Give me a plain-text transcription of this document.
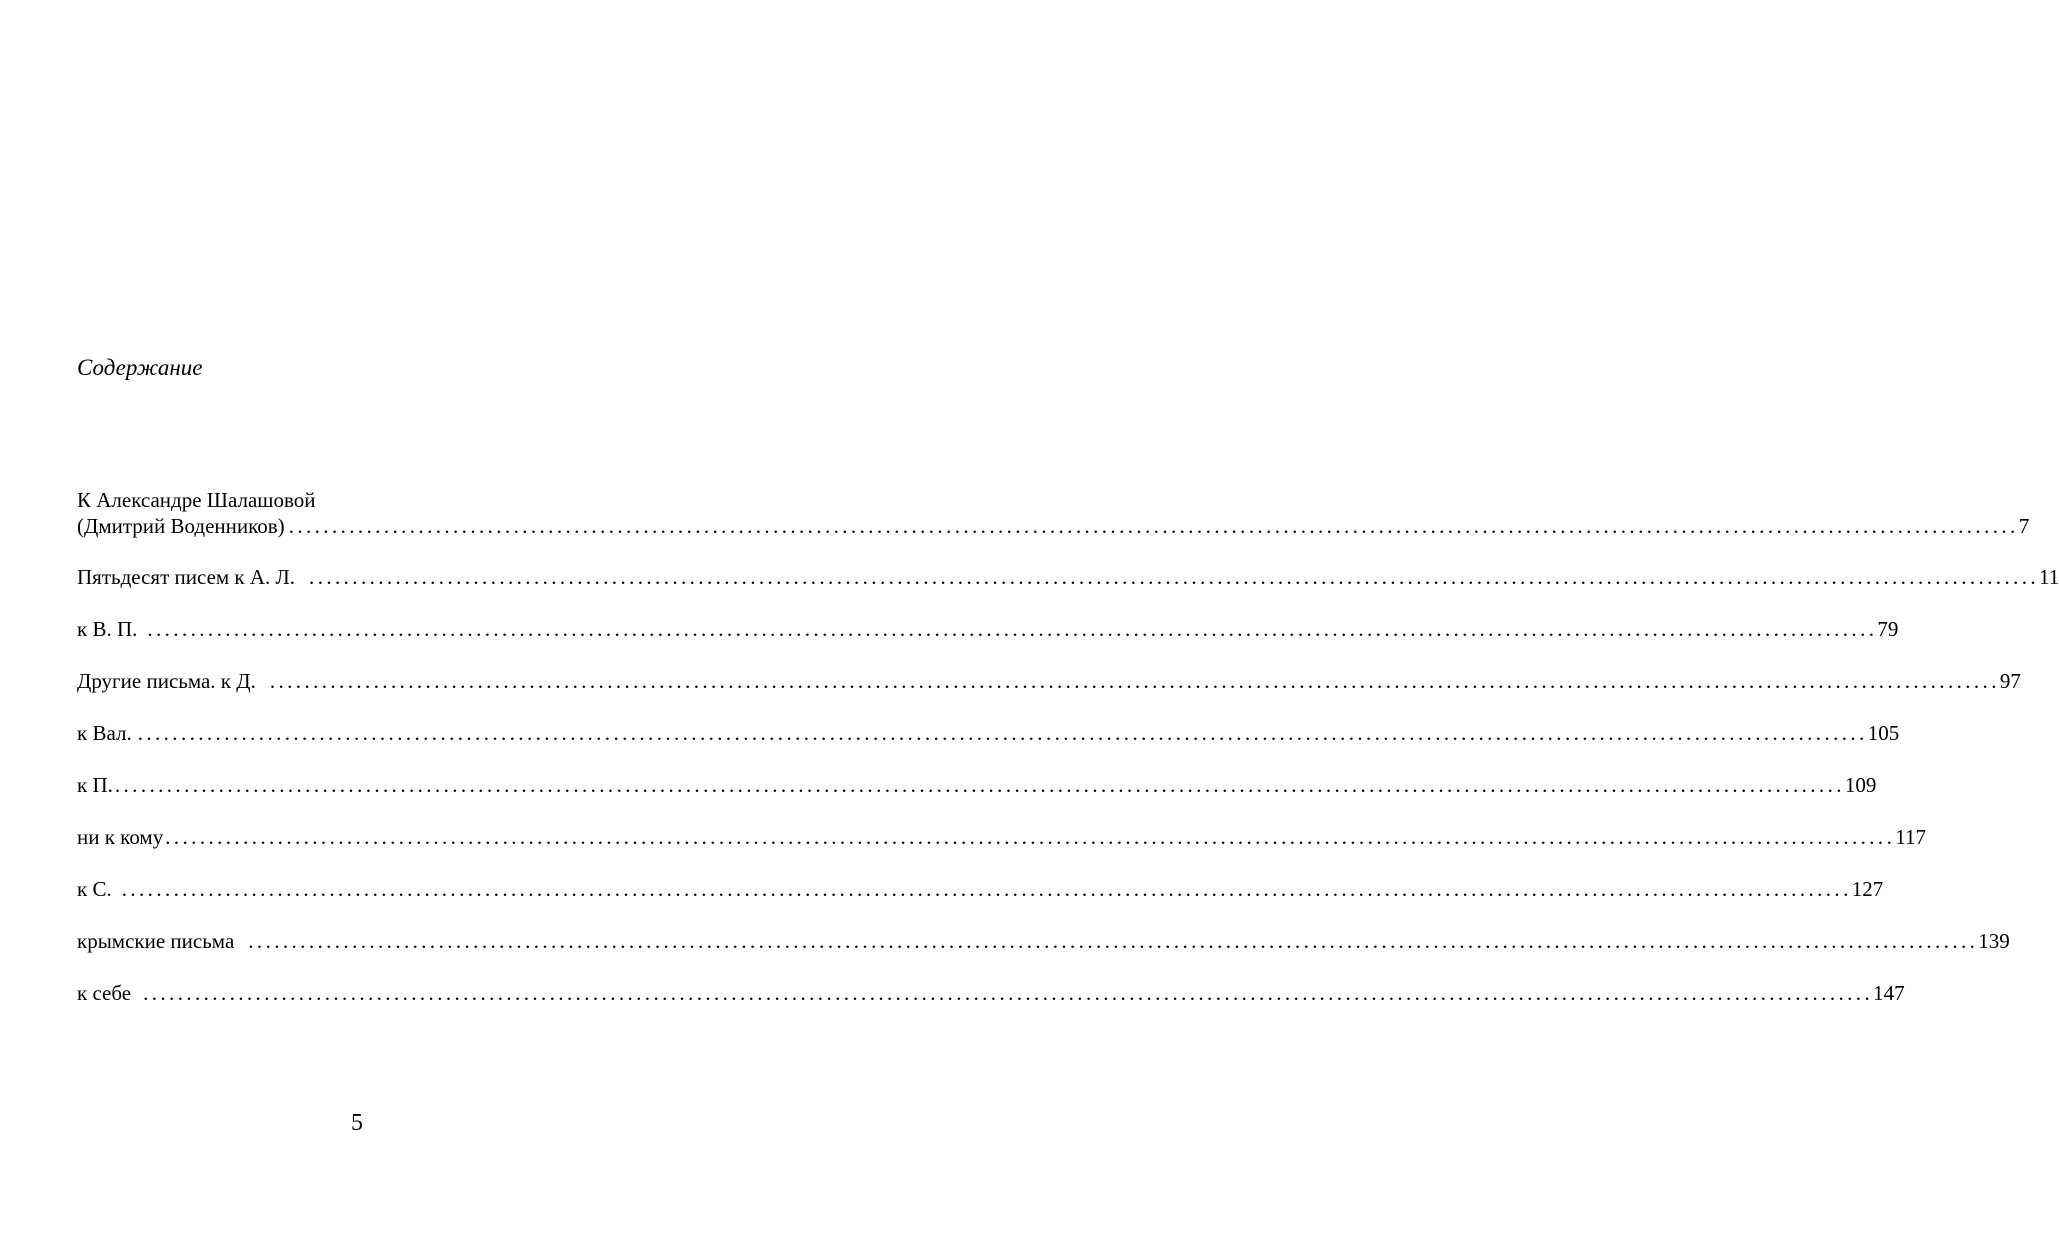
Содержание
К Александре Шалашовой
(Дмитрий Воденников) ........................................................................................................................................................................................................ 7
Пятьдесят писем к А. Л. ........................................................................................................................................................................................................ 11
к В. П. ........................................................................................................................................................................................................ 79
Другие письма. к Д. ........................................................................................................................................................................................................ 97
к Вал. ........................................................................................................................................................................................................ 105
к П. ........................................................................................................................................................................................................ 109
ни к кому ........................................................................................................................................................................................................ 117
к С. ........................................................................................................................................................................................................ 127
крымские письма ........................................................................................................................................................................................................ 139
к себе ........................................................................................................................................................................................................ 147
5
